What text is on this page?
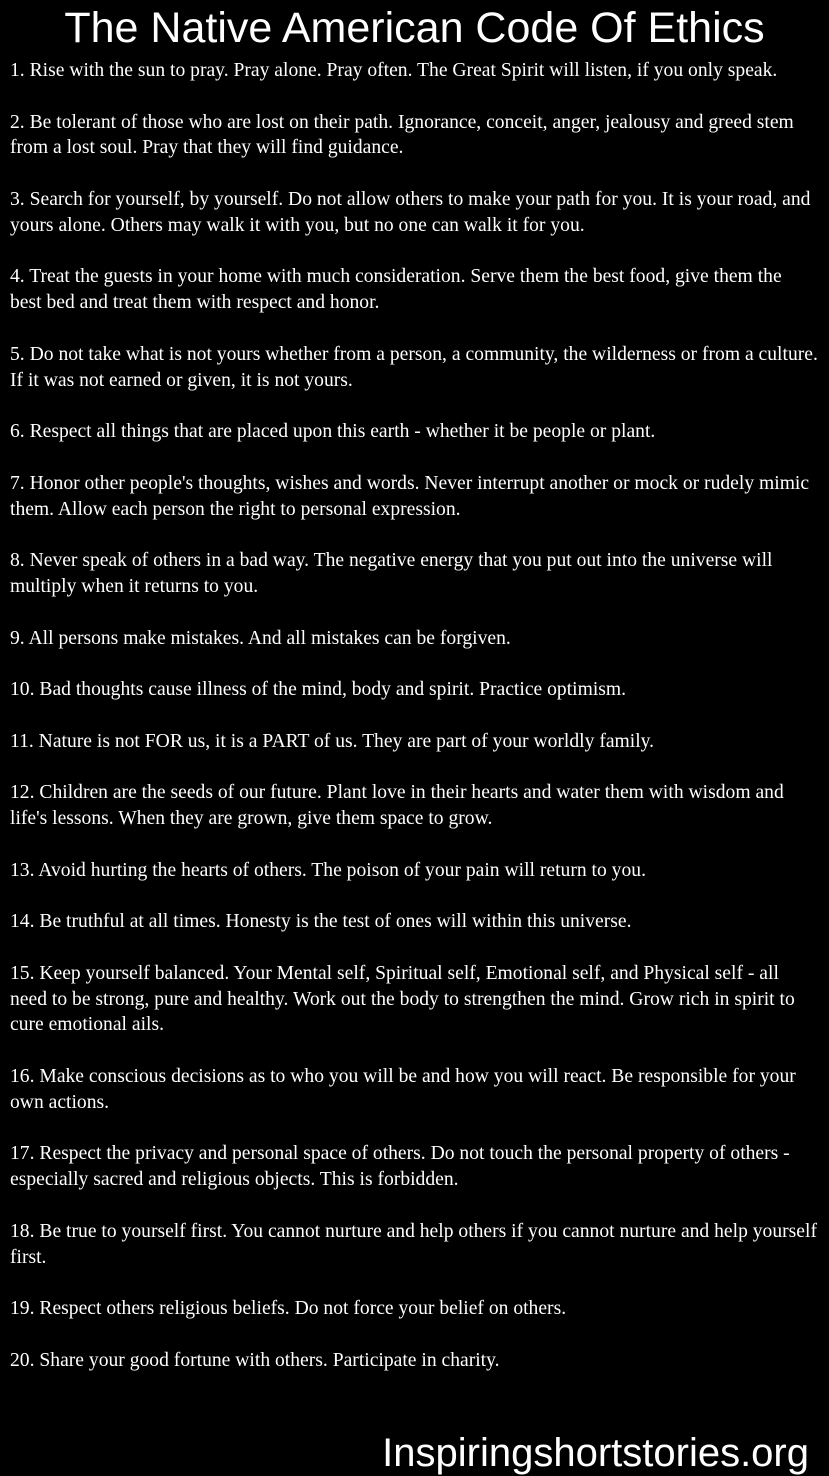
The Native American Code Of Ethics

1. Rise with the sun to pray. Pray alone. Pray often. The Great Spirit will listen, if you only speak.

2. Be tolerant of those who are lost on their path. Ignorance, conceit, anger, jealousy and greed stem from a lost soul. Pray that they will find guidance.

3. Search for yourself, by yourself. Do not allow others to make your path for you. It is your road, and yours alone. Others may walk it with you, but no one can walk it for you.

4. Treat the guests in your home with much consideration. Serve them the best food, give them the best bed and treat them with respect and honor.

5. Do not take what is not yours whether from a person, a community, the wilderness or from a culture. If it was not earned or given, it is not yours.

6. Respect all things that are placed upon this earth - whether it be people or plant.

7. Honor other people's thoughts, wishes and words. Never interrupt another or mock or rudely mimic them. Allow each person the right to personal expression.

8. Never speak of others in a bad way. The negative energy that you put out into the universe will multiply when it returns to you.

9. All persons make mistakes. And all mistakes can be forgiven.

10. Bad thoughts cause illness of the mind, body and spirit. Practice optimism.

11. Nature is not FOR us, it is a PART of us. They are part of your worldly family.

12. Children are the seeds of our future. Plant love in their hearts and water them with wisdom and life's lessons. When they are grown, give them space to grow.

13. Avoid hurting the hearts of others. The poison of your pain will return to you.

14. Be truthful at all times. Honesty is the test of ones will within this universe.

15. Keep yourself balanced. Your Mental self, Spiritual self, Emotional self, and Physical self - all need to be strong, pure and healthy. Work out the body to strengthen the mind. Grow rich in spirit to cure emotional ails.

16. Make conscious decisions as to who you will be and how you will react. Be responsible for your own actions.

17. Respect the privacy and personal space of others. Do not touch the personal property of others - especially sacred and religious objects. This is forbidden.

18. Be true to yourself first. You cannot nurture and help others if you cannot nurture and help yourself first.

19. Respect others religious beliefs. Do not force your belief on others.

20. Share your good fortune with others. Participate in charity.

Inspiringshortstories.org
